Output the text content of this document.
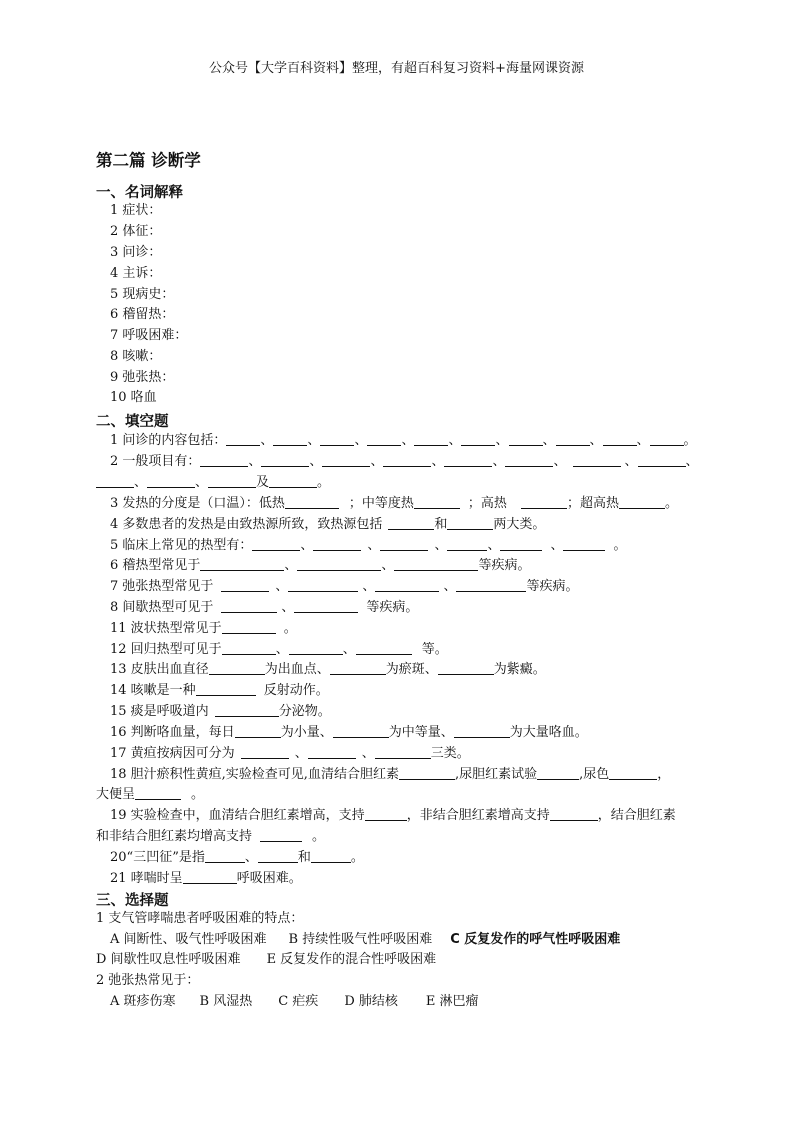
公众号【大学百科资料】整理，有超百科复习资料+海量网课资源
第二篇 诊断学
一、名词解释
1 症状：
2 体征：
3 问诊：
4 主诉：
5 现病史：
6 稽留热：
7 呼吸困难：
8 咳嗽：
9 弛张热：
10 咯血
二、填空题
1 问诊的内容包括：	、	、	、	、	、	、	、	、	、	。
2 一般项目有：	、	、	、	、	、	、	、	、
、	、	及	。
3 发热的分度是（口温）：低热	；中等度热	；高热	；超高热	。
4 多数患者的发热是由致热源所致，致热源包括	和	两大类。
5 临床上常见的热型有：	、	、	、	、	、	。
6 稽热型常见于	、	、	等疾病。
7 弛张热型常见于	、	、	、	等疾病。
8 间歇热型可见于	、	等疾病。
11 波状热型常见于	。
12 回归热型可见于	、	、	等。
13 皮肤出血直径	为出血点、	为瘀斑、	为紫癜。
14 咳嗽是一种	反射动作。
15 痰是呼吸道内	分泌物。
16 判断咯血量，每日	为小量、	为中等量、	为大量咯血。
17 黄疸按病因可分为	、	、	三类。
18 胆汁瘀积性黄疸,实验检查可见,血清结合胆红素	,尿胆红素试验	,尿色	，
大便呈	。
19 实验检查中，血清结合胆红素增高，支持	，非结合胆红素增高支持	，结合胆红素
和非结合胆红素均增高支持	。
20“三凹征”是指	、	和	。
21 哮喘时呈	呼吸困难。
三、选择题
1 支气管哮喘患者呼吸困难的特点：
A 间断性、吸气性呼吸困难 B 持续性吸气性呼吸困难 C 反复发作的呼气性呼吸困难
D 间歇性叹息性呼吸困难 E 反复发作的混合性呼吸困难
2 弛张热常见于：
A 斑疹伤寒 B 风湿热 C 疟疾 D 肺结核 E 淋巴瘤
